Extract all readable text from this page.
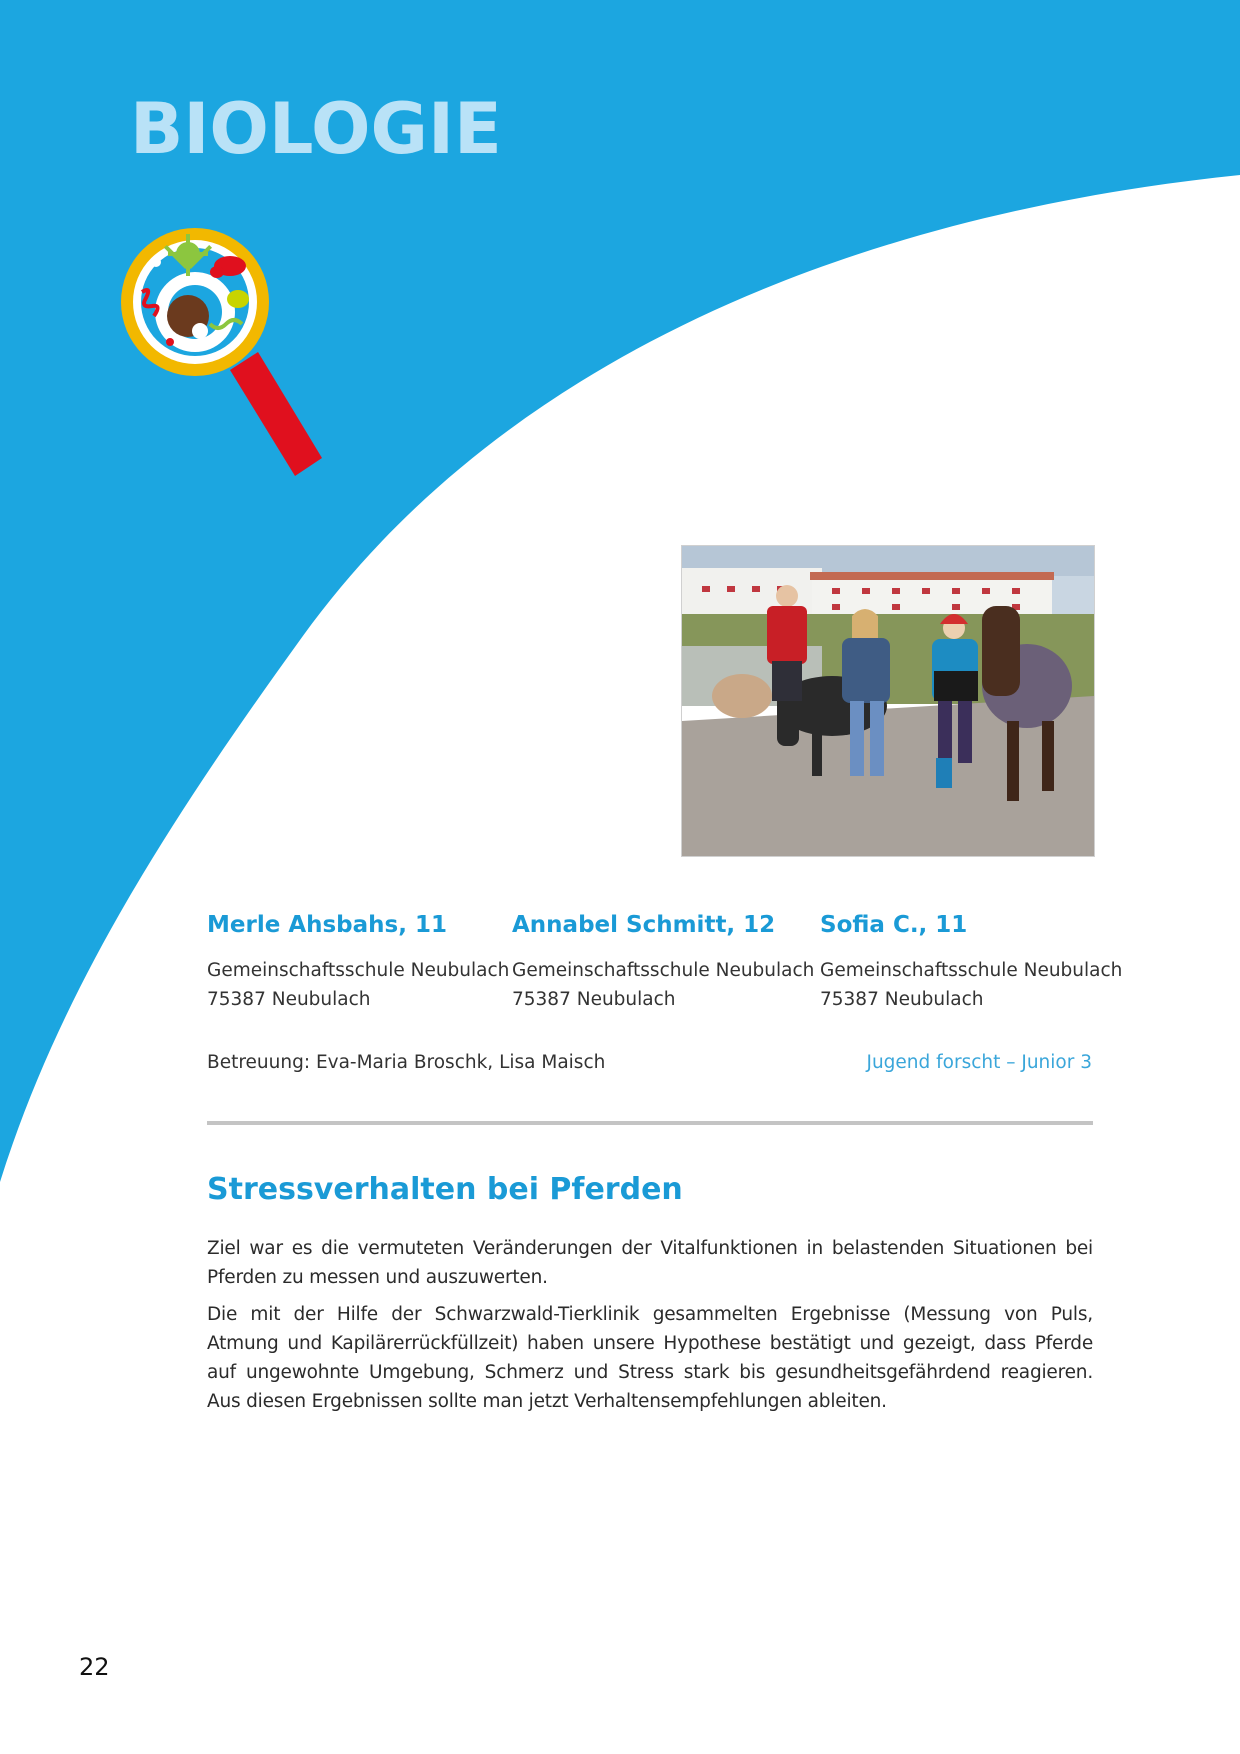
BIOLOGIE
Merle Ahsbahs, 11
Gemeinschaftsschule Neubulach
75387 Neubulach
Annabel Schmitt, 12
Gemeinschaftsschule Neubulach
75387 Neubulach
Sofia C., 11
Gemeinschaftsschule Neubulach
75387 Neubulach
Betreuung: Eva-Maria Broschk, Lisa Maisch	Jugend forscht – Junior 3
Stressverhalten bei Pferden

Ziel war es die vermuteten Veränderungen der Vitalfunktionen in belastenden Situationen bei Pferden zu messen und auszuwerten.

Die mit der Hilfe der Schwarzwald-Tierklinik gesammelten Ergebnisse (Messung von Puls, Atmung und Kapilärerrückfüllzeit) haben unsere Hypothese bestätigt und gezeigt, dass Pferde auf ungewohnte Umgebung, Schmerz und Stress stark bis gesundheitsgefährdend reagieren. Aus diesen Ergebnissen sollte man jetzt Verhaltensempfehlungen ableiten.

22
